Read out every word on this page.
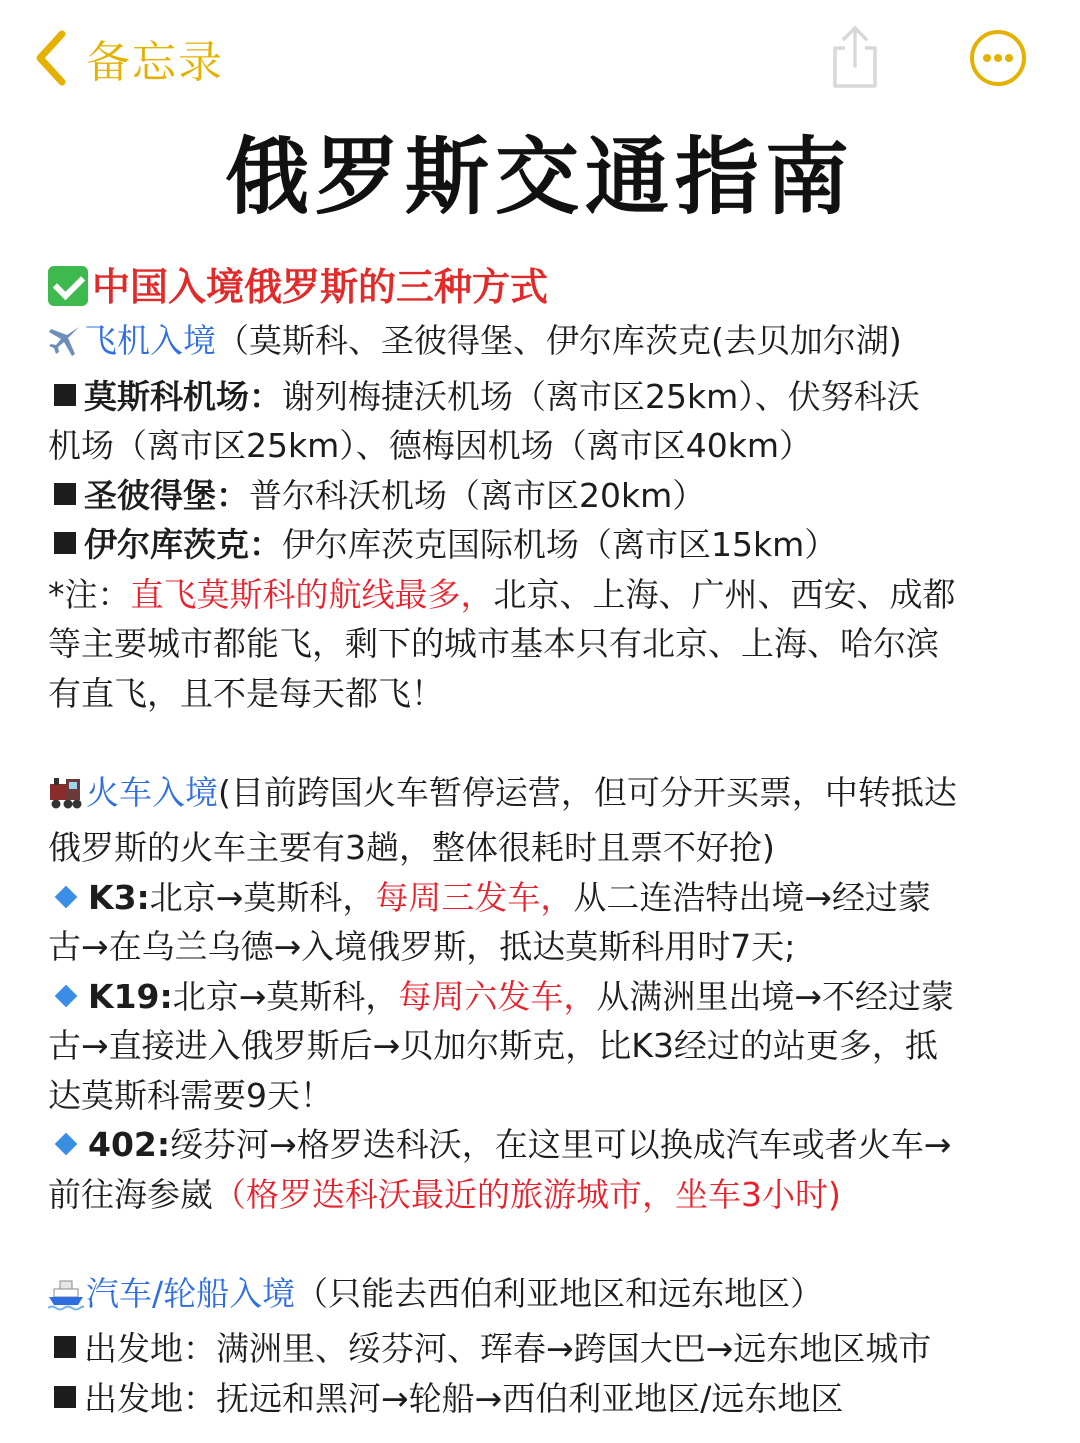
备忘录
俄罗斯交通指南
中国入境俄罗斯的三种方式

飞机入境（莫斯科、圣彼得堡、伊尔库茨克(去贝加尔湖)

莫斯科机场：谢列梅捷沃机场（离市区25km）、伏努科沃

机场（离市区25km）、德梅因机场（离市区40km）

圣彼得堡：普尔科沃机场（离市区20km）

伊尔库茨克：伊尔库茨克国际机场（离市区15km）

*注：直飞莫斯科的航线最多，北京、上海、广州、西安、成都

等主要城市都能飞，剩下的城市基本只有北京、上海、哈尔滨

有直飞，且不是每天都飞！

火车入境(目前跨国火车暂停运营，但可分开买票，中转抵达

俄罗斯的火车主要有3趟，整体很耗时且票不好抢)

K3:北京→莫斯科，每周三发车，从二连浩特出境→经过蒙

古→在乌兰乌德→入境俄罗斯，抵达莫斯科用时7天;

K19:北京→莫斯科，每周六发车，从满洲里出境→不经过蒙

古→直接进入俄罗斯后→贝加尔斯克，比K3经过的站更多，抵

达莫斯科需要9天！

402:绥芬河→格罗迭科沃，在这里可以换成汽车或者火车→

前往海参崴（格罗迭科沃最近的旅游城市，坐车3小时)

汽车/轮船入境（只能去西伯利亚地区和远东地区）

出发地：满洲里、绥芬河、珲春→跨国大巴→远东地区城市

出发地：抚远和黑河→轮船→西伯利亚地区/远东地区
